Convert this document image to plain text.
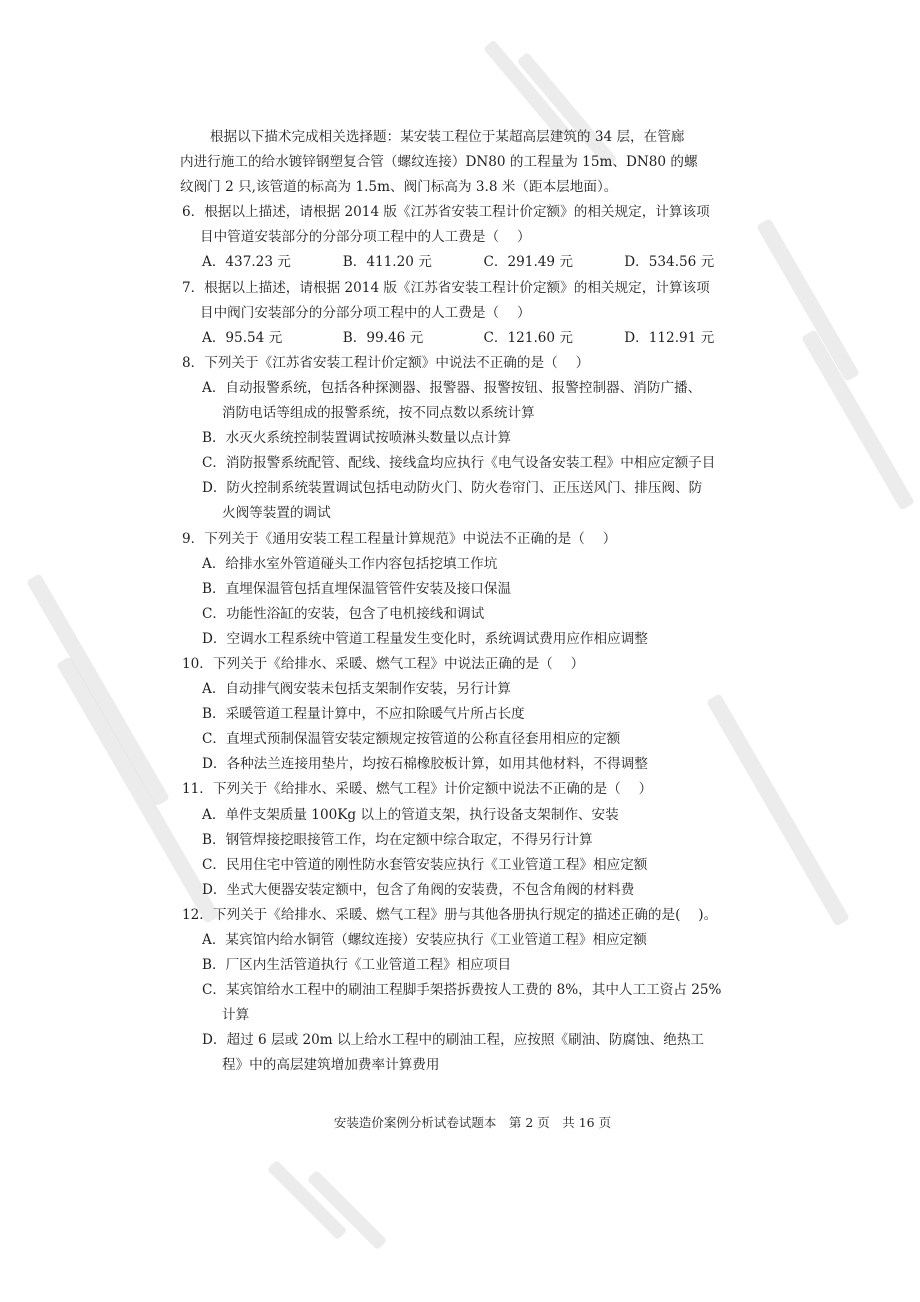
根据以下描术完成相关选择题：某安装工程位于某超高层建筑的 34 层，在管廊
内进行施工的给水镀锌钢塑复合管（螺纹连接）DN80 的工程量为 15m、DN80 的螺
纹阀门 2 只,该管道的标高为 1.5m、阀门标高为 3.8 米（距本层地面）。
6．根据以上描述，请根据 2014 版《江苏省安装工程计价定额》的相关规定，计算该项
目中管道安装部分的分部分项工程中的人工费是（　 ）
A．437.23 元	B．411.20 元	C．291.49 元	D．534.56 元
7．根据以上描述，请根据 2014 版《江苏省安装工程计价定额》的相关规定，计算该项
目中阀门安装部分的分部分项工程中的人工费是（　 ）
A．95.54 元	B．99.46 元	C．121.60 元	D．112.91 元
8．下列关于《江苏省安装工程计价定额》中说法不正确的是（　 ）
A．自动报警系统，包括各种探测器、报警器、报警按钮、报警控制器、消防广播、
消防电话等组成的报警系统，按不同点数以系统计算
B．水灭火系统控制装置调试按喷淋头数量以点计算
C．消防报警系统配管、配线、接线盒均应执行《电气设备安装工程》中相应定额子目
D．防火控制系统装置调试包括电动防火门、防火卷帘门、正压送风门、排压阀、防
火阀等装置的调试
9．下列关于《通用安装工程工程量计算规范》中说法不正确的是（　 ）
A．给排水室外管道碰头工作内容包括挖填工作坑
B．直埋保温管包括直埋保温管管件安装及接口保温
C．功能性浴缸的安装，包含了电机接线和调试
D．空调水工程系统中管道工程量发生变化时，系统调试费用应作相应调整
10．下列关于《给排水、采暖、燃气工程》中说法正确的是（　 ）
A．自动排气阀安装未包括支架制作安装，另行计算
B．采暖管道工程量计算中，不应扣除暖气片所占长度
C．直埋式预制保温管安装定额规定按管道的公称直径套用相应的定额
D．各种法兰连接用垫片，均按石棉橡胶板计算，如用其他材料，不得调整
11．下列关于《给排水、采暖、燃气工程》计价定额中说法不正确的是（　 ）
A．单件支架质量 100Kg 以上的管道支架，执行设备支架制作、安装
B．钢管焊接挖眼接管工作，均在定额中综合取定，不得另行计算
C．民用住宅中管道的刚性防水套管安装应执行《工业管道工程》相应定额
D．坐式大便器安装定额中，包含了角阀的安装费，不包含角阀的材料费
12．下列关于《给排水、采暖、燃气工程》册与其他各册执行规定的描述正确的是(　 )。
A．某宾馆内给水铜管（螺纹连接）安装应执行《工业管道工程》相应定额
B．厂区内生活管道执行《工业管道工程》相应项目
C．某宾馆给水工程中的刷油工程脚手架搭拆费按人工费的 8%，其中人工工资占 25%
计算
D．超过 6 层或 20m 以上给水工程中的刷油工程，应按照《刷油、防腐蚀、绝热工
程》中的高层建筑增加费率计算费用
安装造价案例分析试卷试题本　第 2 页　共 16 页
